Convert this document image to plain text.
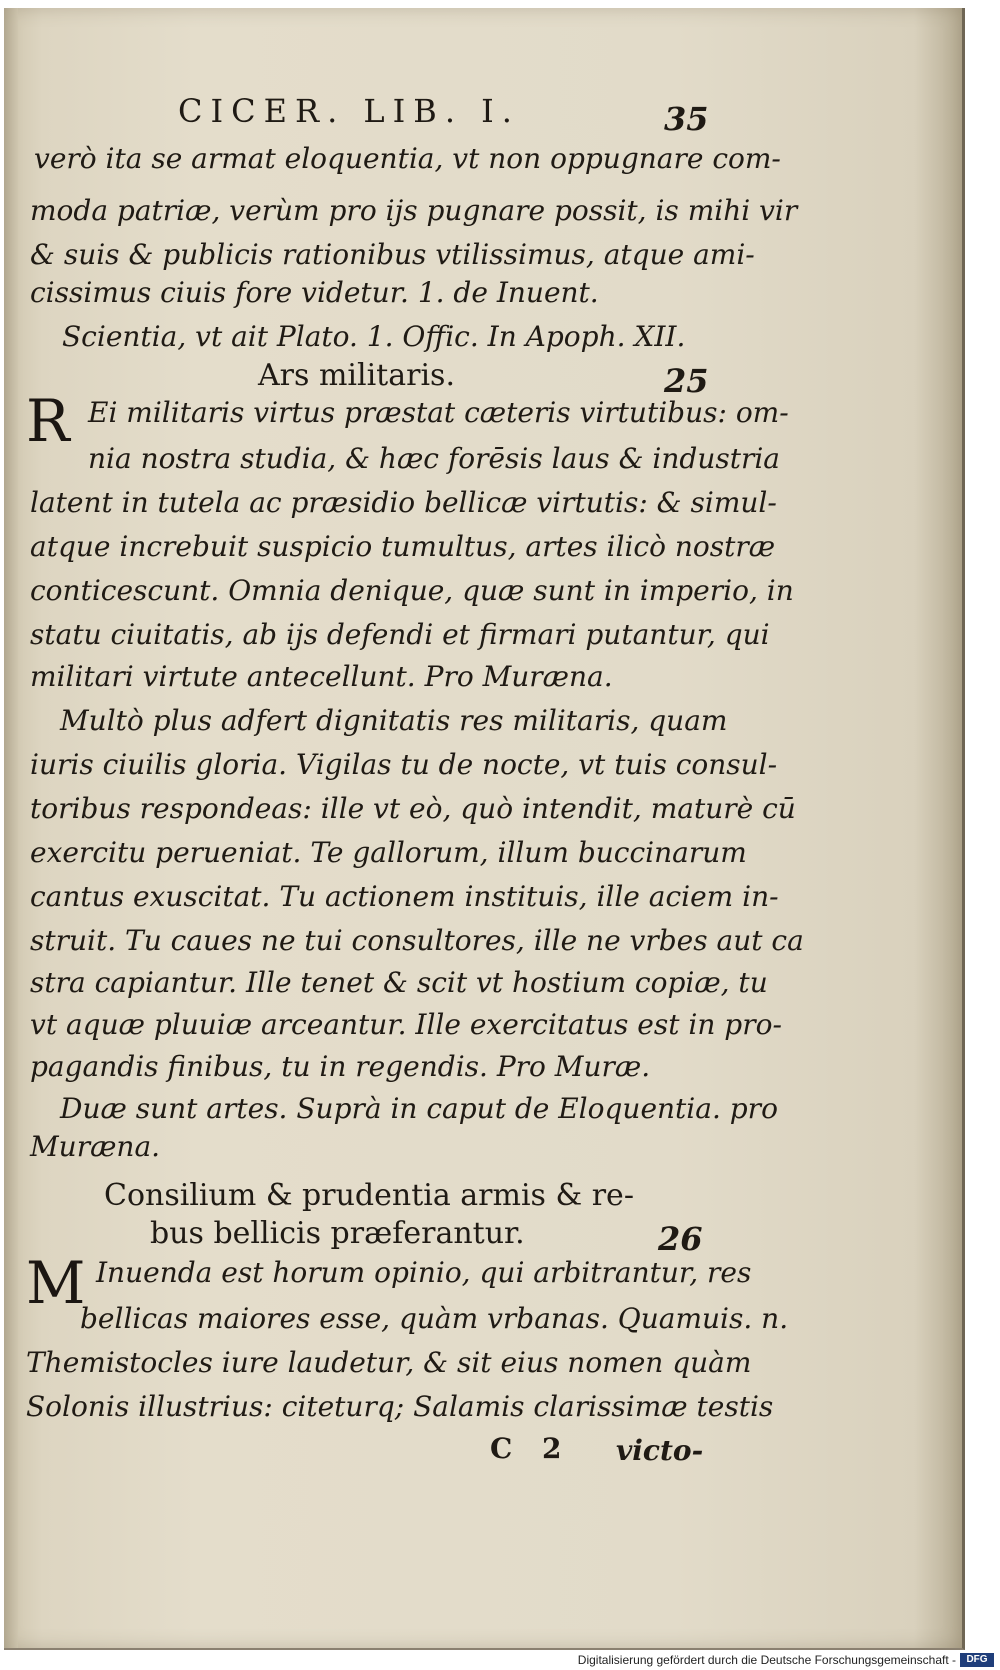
CICER. LIB. I.	35
verò ita se armat eloquentia, vt non oppugnare com-
moda patriæ, verùm pro ijs pugnare possit, is mihi vir
& suis & publicis rationibus vtilissimus, atque ami-
cissimus ciuis fore videtur. 1. de Inuent.
Scientia, vt ait Plato. 1. Offic. In Apoph. XII.
Ars militaris.	25
R Ei militaris virtus præstat cæteris virtutibus: om-
nia nostra studia, & hæc forēsis laus & industria
latent in tutela ac præsidio bellicæ virtutis: & simul-
atque increbuit suspicio tumultus, artes ilicò nostræ
conticescunt. Omnia denique, quæ sunt in imperio, in
statu ciuitatis, ab ijs defendi et firmari putantur, qui
militari virtute antecellunt. Pro Muræna.
Multò plus adfert dignitatis res militaris, quam
iuris ciuilis gloria. Vigilas tu de nocte, vt tuis consul-
toribus respondeas: ille vt eò, quò intendit, maturè cū
exercitu perueniat. Te gallorum, illum buccinarum
cantus exuscitat. Tu actionem instituis, ille aciem in-
struit. Tu caues ne tui consultores, ille ne vrbes aut ca
stra capiantur. Ille tenet & scit vt hostium copiæ, tu
vt aquæ pluuiæ arceantur. Ille exercitatus est in pro-
pagandis finibus, tu in regendis. Pro Muræ.
Duæ sunt artes. Suprà in caput de Eloquentia. pro
Muræna.
Consilium & prudentia armis & re-
bus bellicis præferantur.	26
M Inuenda est horum opinio, qui arbitrantur, res
bellicas maiores esse, quàm vrbanas. Quamuis. n.
Themistocles iure laudetur, & sit eius nomen quàm
Solonis illustrius: citeturq; Salamis clarissimæ testis
C 2 victo-
Digitalisierung gefördert durch die Deutsche Forschungsgemeinschaft -	DFG
